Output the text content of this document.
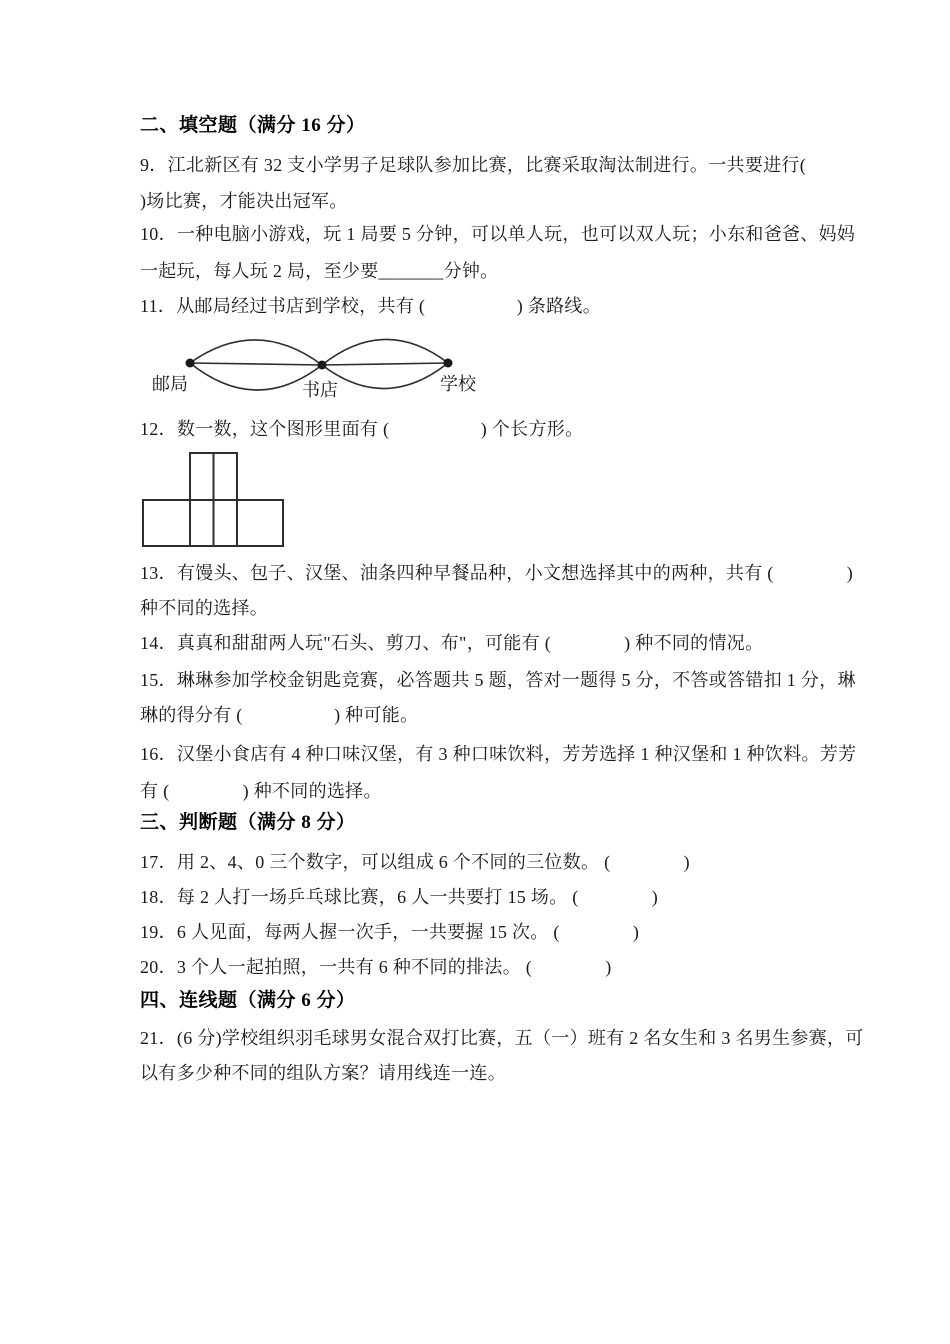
二、填空题（满分 16 分）
9．江北新区有 32 支小学男子足球队参加比赛，比赛采取淘汰制进行。一共要进行(
)场比赛，才能决出冠军。
10．一种电脑小游戏，玩 1 局要 5 分钟，可以单人玩，也可以双人玩；小东和爸爸、妈妈
一起玩，每人玩 2 局，至少要_______分钟。
11．从邮局经过书店到学校，共有 (　　　　　) 条路线。
邮局	书店	学校
12．数一数，这个图形里面有 (　　　　　) 个长方形。
13．有馒头、包子、汉堡、油条四种早餐品种，小文想选择其中的两种，共有 (　　　　)
种不同的选择。
14．真真和甜甜两人玩"石头、剪刀、布"，可能有 (　　　　) 种不同的情况。
15．琳琳参加学校金钥匙竞赛，必答题共 5 题，答对一题得 5 分，不答或答错扣 1 分，琳
琳的得分有 (　　　　　) 种可能。
16．汉堡小食店有 4 种口味汉堡，有 3 种口味饮料，芳芳选择 1 种汉堡和 1 种饮料。芳芳
有 (　　　　) 种不同的选择。
三、判断题（满分 8 分）
17．用 2、4、0 三个数字，可以组成 6 个不同的三位数。 (　　　　)
18．每 2 人打一场乒乓球比赛，6 人一共要打 15 场。 (　　　　)
19．6 人见面，每两人握一次手，一共要握 15 次。 (　　　　)
20．3 个人一起拍照，一共有 6 种不同的排法。 (　　　　)
四、连线题（满分 6 分）
21．(6 分)学校组织羽毛球男女混合双打比赛，五（一）班有 2 名女生和 3 名男生参赛，可
以有多少种不同的组队方案？请用线连一连。
